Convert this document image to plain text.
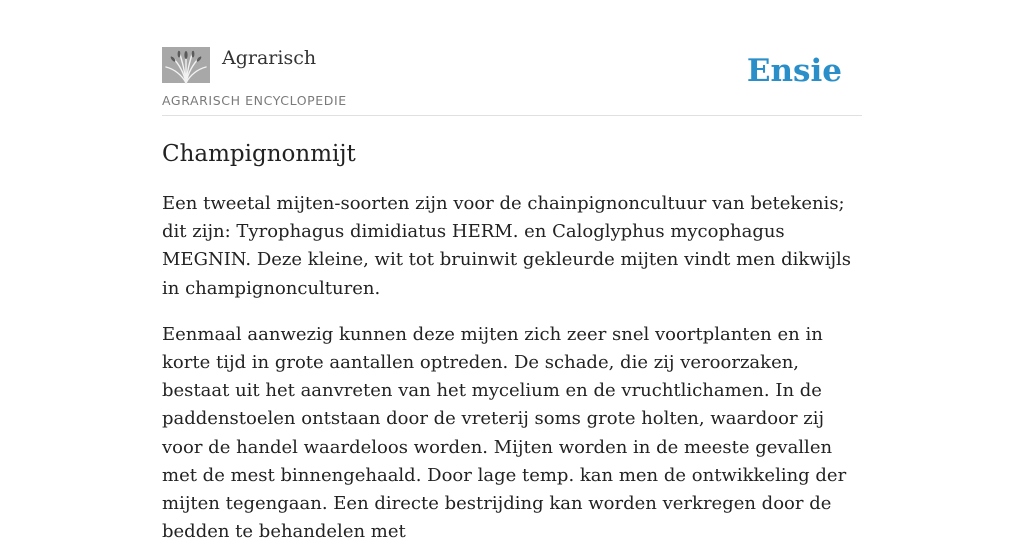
Agrarisch
AGRARISCH ENCYCLOPEDIE
Ensie
Champignonmijt

Een tweetal mijten-soorten zijn voor de chainpignoncultuur van betekenis; dit zijn: Tyrophagus dimidiatus HERM. en Caloglyphus mycophagus MEGNIN. Deze kleine, wit tot bruinwit gekleurde mijten vindt men dikwijls in champignonculturen.

Eenmaal aanwezig kunnen deze mijten zich zeer snel voortplanten en in korte tijd in grote aantallen optreden. De schade, die zij veroorzaken, bestaat uit het aanvreten van het mycelium en de vruchtlichamen. In de paddenstoelen ontstaan door de vreterij soms grote holten, waardoor zij voor de handel waardeloos worden. Mijten worden in de meeste gevallen met de mest binnengehaald. Door lage temp. kan men de ontwikkeling der mijten tegengaan. Een directe bestrijding kan worden verkregen door de bedden te behandelen met
